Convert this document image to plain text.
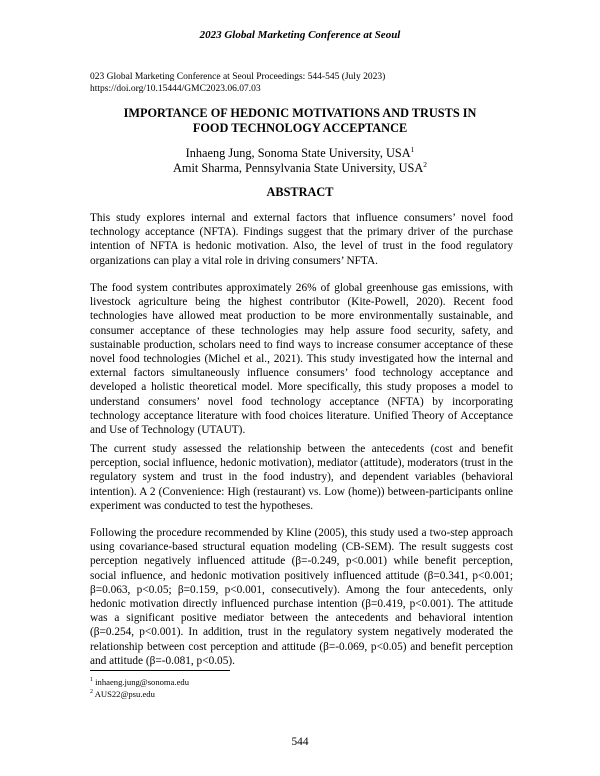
2023 Global Marketing Conference at Seoul
023 Global Marketing Conference at Seoul Proceedings: 544-545 (July 2023)
https://doi.org/10.15444/GMC2023.06.07.03
IMPORTANCE OF HEDONIC MOTIVATIONS AND TRUSTS IN
FOOD TECHNOLOGY ACCEPTANCE
Inhaeng Jung, Sonoma State University, USA$^1$
Amit Sharma, Pennsylvania State University, USA$^2$
ABSTRACT

This study explores internal and external factors that influence consumers’ novel food technology acceptance (NFTA). Findings suggest that the primary driver of the purchase intention of NFTA is hedonic motivation. Also, the level of trust in the food regulatory organizations can play a vital role in driving consumers’ NFTA.

The food system contributes approximately 26% of global greenhouse gas emissions, with livestock agriculture being the highest contributor (Kite-Powell, 2020). Recent food technologies have allowed meat production to be more environmentally sustainable, and consumer acceptance of these technologies may help assure food security, safety, and sustainable production, scholars need to find ways to increase consumer acceptance of these novel food technologies (Michel et al., 2021). This study investigated how the internal and external factors simultaneously influence consumers’ food technology acceptance and developed a holistic theoretical model. More specifically, this study proposes a model to understand consumers’ novel food technology acceptance (NFTA) by incorporating technology acceptance literature with food choices literature. Unified Theory of Acceptance and Use of Technology (UTAUT).

The current study assessed the relationship between the antecedents (cost and benefit perception, social influence, hedonic motivation), mediator (attitude), moderators (trust in the regulatory system and trust in the food industry), and dependent variables (behavioral intention). A 2 (Convenience: High (restaurant) vs. Low (home)) between-participants online experiment was conducted to test the hypotheses.

Following the procedure recommended by Kline (2005), this study used a two-step approach using covariance-based structural equation modeling (CB-SEM). The result suggests cost perception negatively influenced attitude (β=-0.249, p<0.001) while benefit perception, social influence, and hedonic motivation positively influenced attitude (β=0.341, p<0.001; β=0.063, p<0.05; β=0.159, p<0.001, consecutively). Among the four antecedents, only hedonic motivation directly influenced purchase intention (β=0.419, p<0.001). The attitude was a significant positive mediator between the antecedents and behavioral intention (β=0.254, p<0.001). In addition, trust in the regulatory system negatively moderated the relationship between cost perception and attitude (β=-0.069, p<0.05) and benefit perception and attitude (β=-0.081, p<0.05).

$^1$ inhaeng.jung@sonoma.edu
$^2$ AUS22@psu.edu
544
